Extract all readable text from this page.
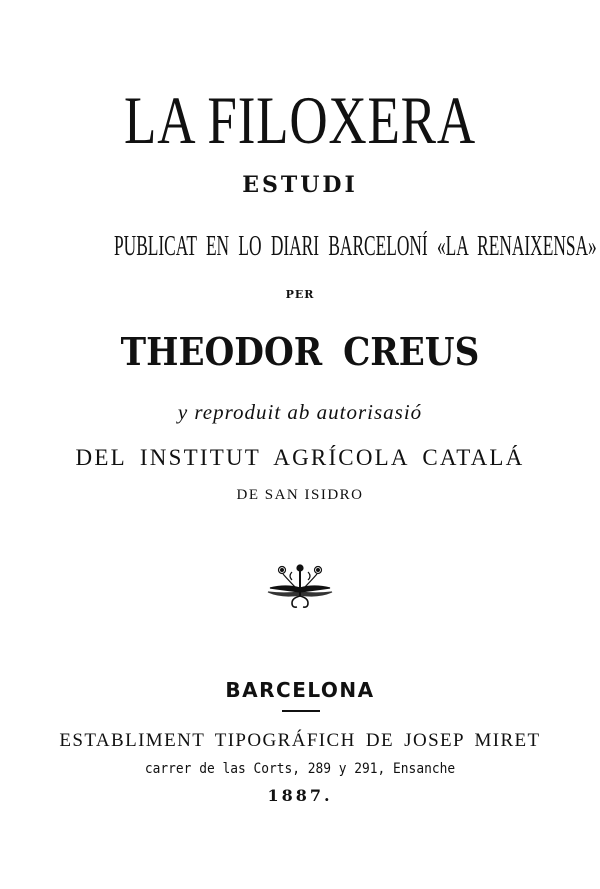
LA FILOXERA
ESTUDI
PUBLICAT EN LO DIARI BARCELONÍ «LA RENAIXENSA»
PER
THEODOR CREUS
y reproduit ab autorisasió
DEL INSTITUT AGRÍCOLA CATALÁ
DE SAN ISIDRO
BARCELONA
ESTABLIMENT TIPOGRÁFICH DE JOSEP MIRET
carrer de las Corts, 289 y 291, Ensanche
1887.
